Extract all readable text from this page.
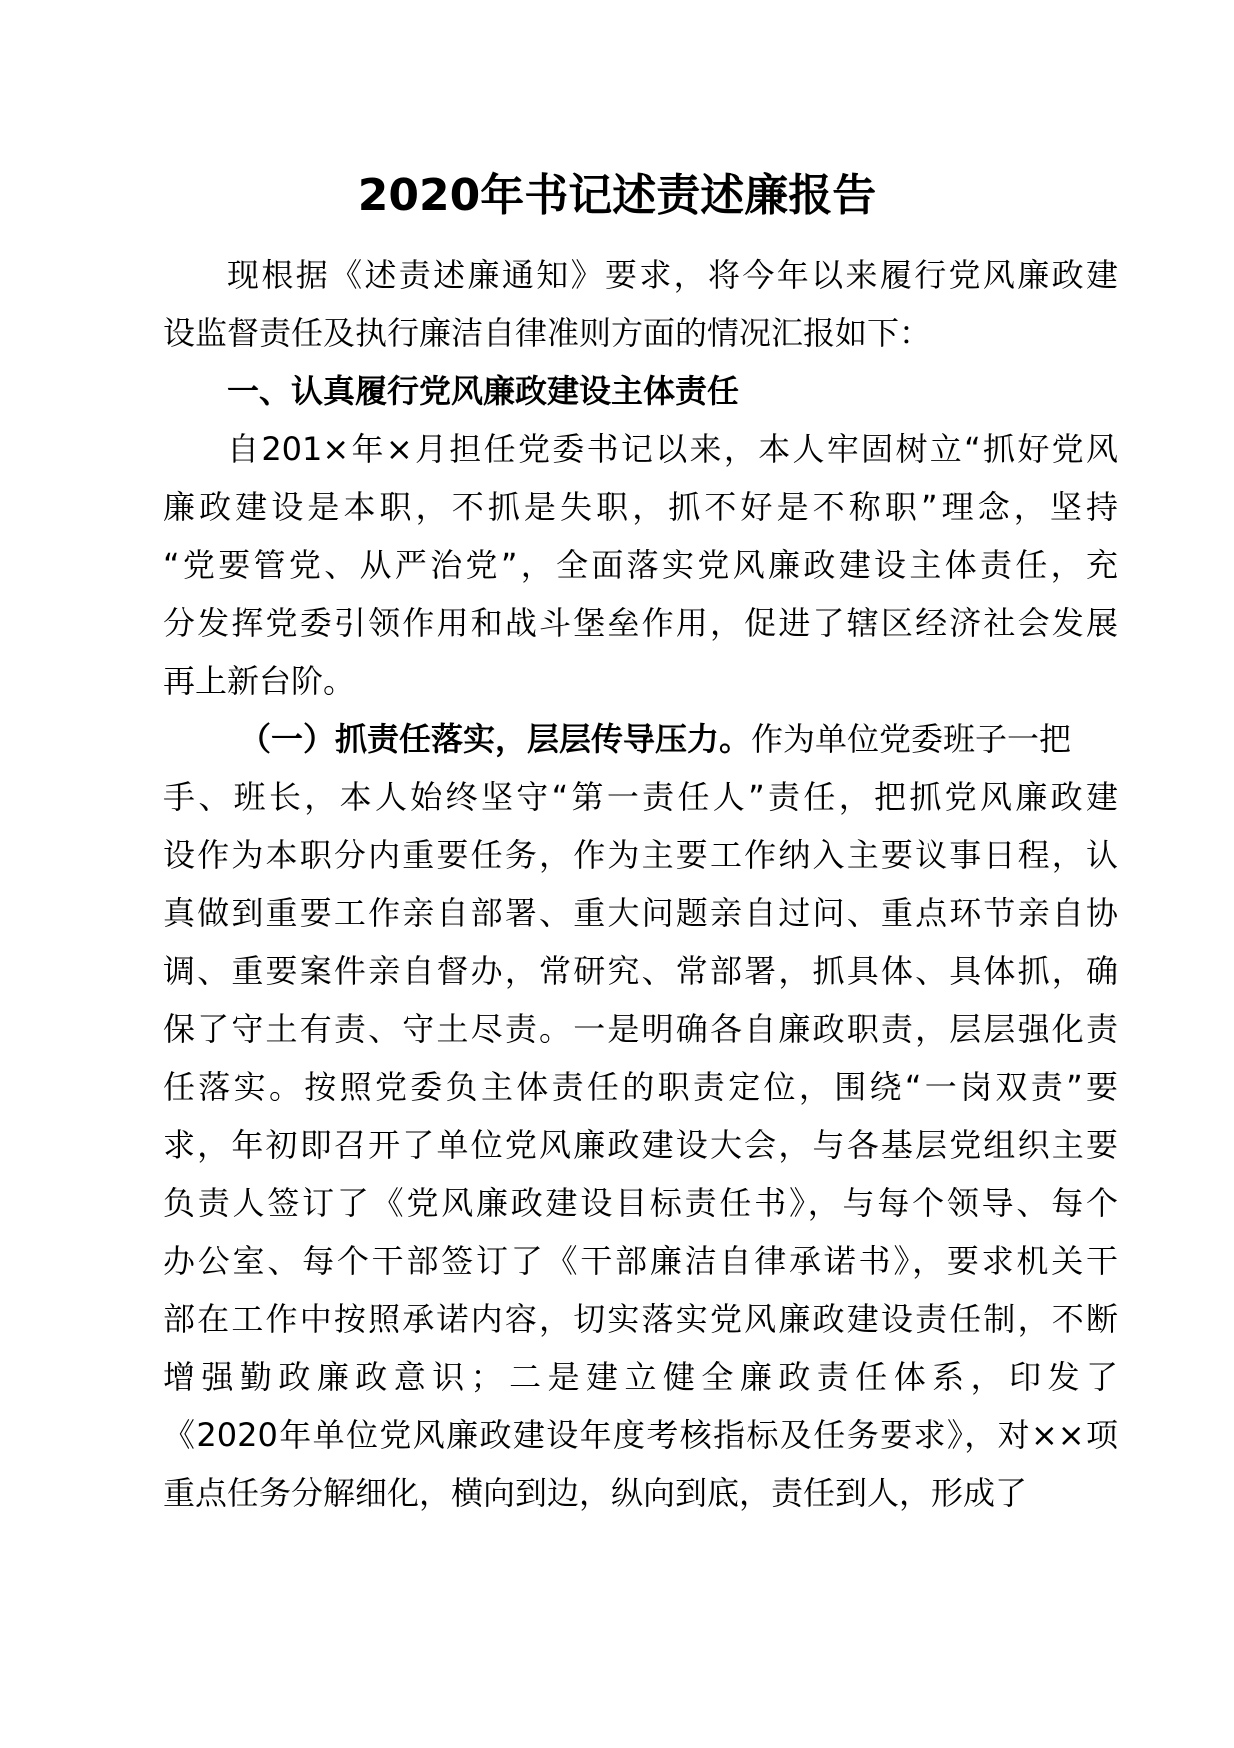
2020年书记述责述廉报告
现根据《述责述廉通知》要求，将今年以来履行党风廉政建
设监督责任及执行廉洁自律准则方面的情况汇报如下：
一、认真履行党风廉政建设主体责任
自201×年×月担任党委书记以来，本人牢固树立“抓好党风
廉政建设是本职，不抓是失职，抓不好是不称职”理念，坚持
“党要管党、从严治党”，全面落实党风廉政建设主体责任，充
分发挥党委引领作用和战斗堡垒作用，促进了辖区经济社会发展
再上新台阶。
（一）抓责任落实，层层传导压力。作为单位党委班子一把
手、班长，本人始终坚守“第一责任人”责任，把抓党风廉政建
设作为本职分内重要任务，作为主要工作纳入主要议事日程，认
真做到重要工作亲自部署、重大问题亲自过问、重点环节亲自协
调、重要案件亲自督办，常研究、常部署，抓具体、具体抓，确
保了守土有责、守土尽责。一是明确各自廉政职责，层层强化责
任落实。按照党委负主体责任的职责定位，围绕“一岗双责”要
求，年初即召开了单位党风廉政建设大会，与各基层党组织主要
负责人签订了《党风廉政建设目标责任书》，与每个领导、每个
办公室、每个干部签订了《干部廉洁自律承诺书》，要求机关干
部在工作中按照承诺内容，切实落实党风廉政建设责任制，不断
增强勤政廉政意识；二是建立健全廉政责任体系，印发了
《2020年单位党风廉政建设年度考核指标及任务要求》，对××项
重点任务分解细化，横向到边，纵向到底，责任到人，形成了
